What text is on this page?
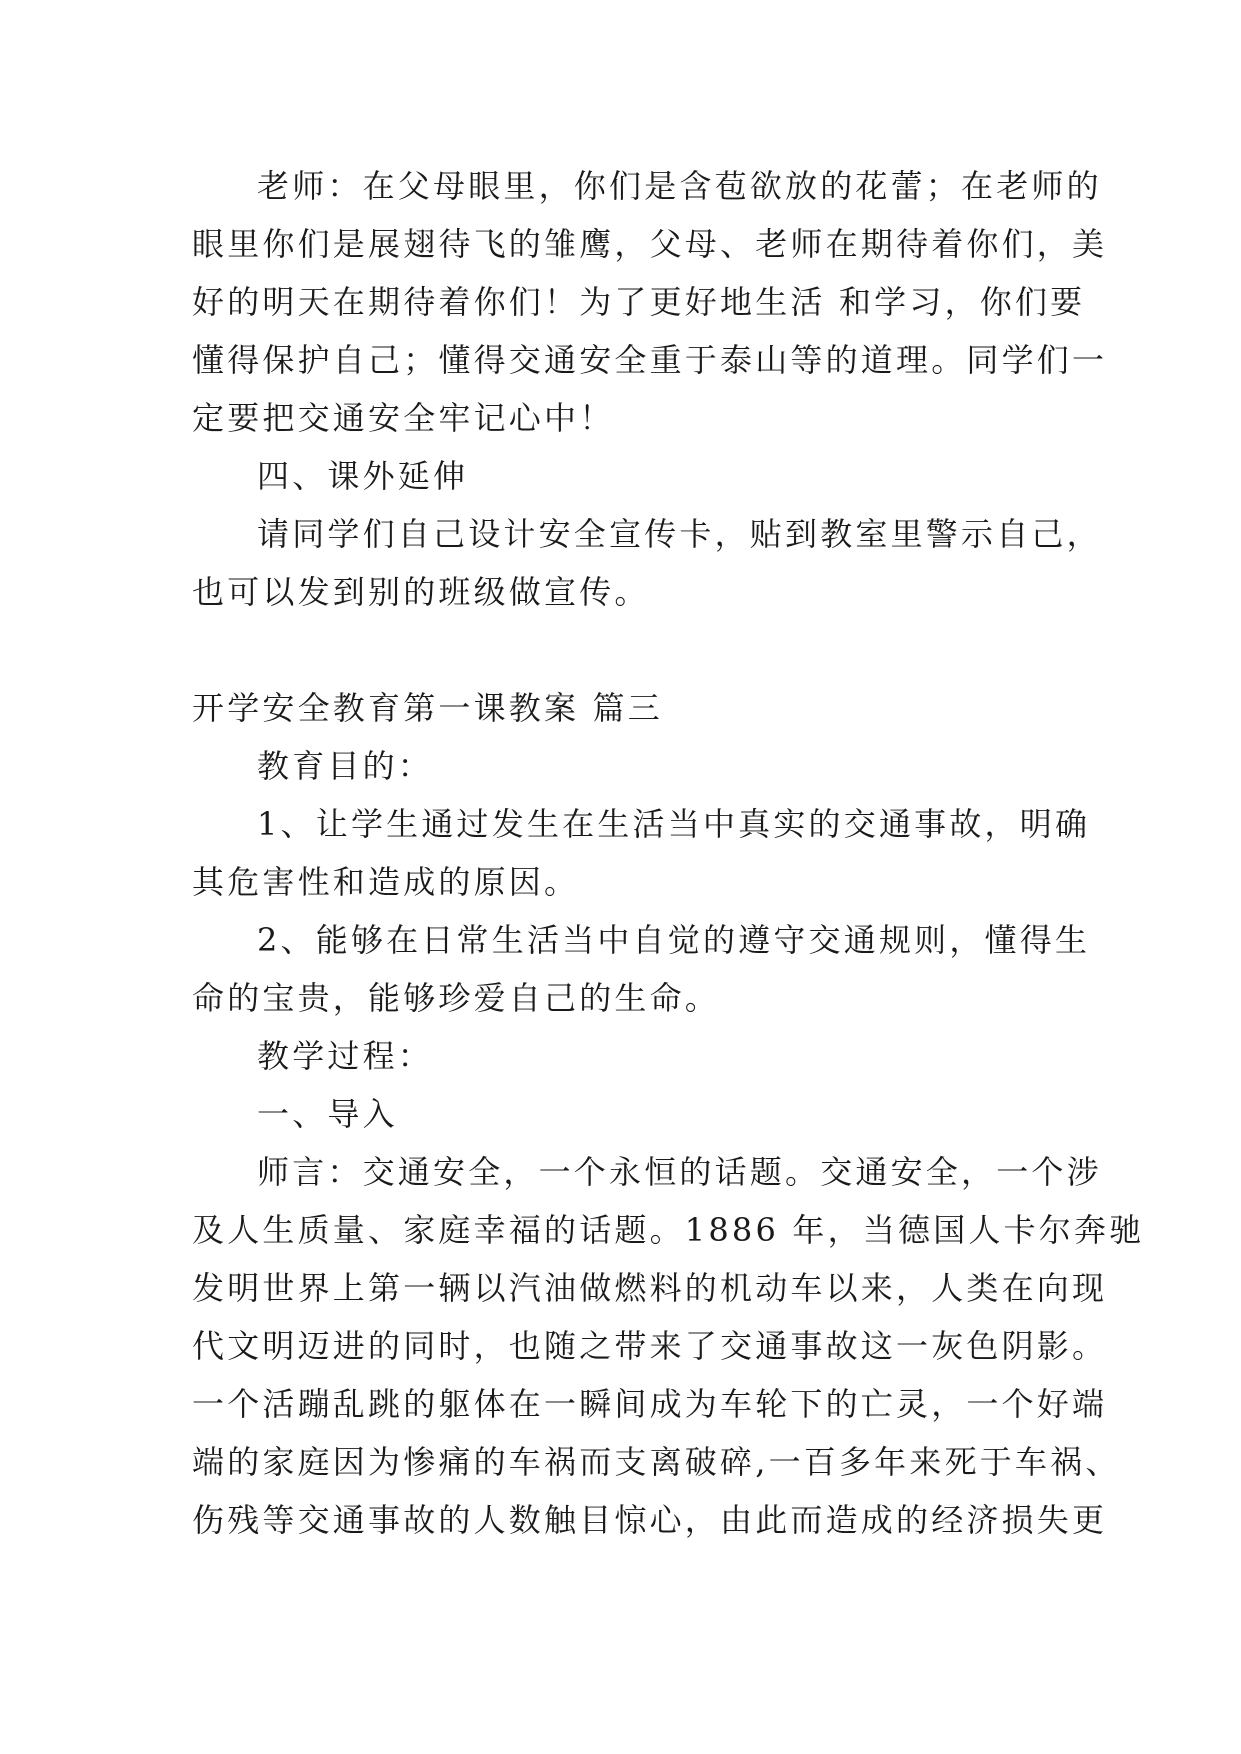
老师：在父母眼里，你们是含苞欲放的花蕾；在老师的
眼里你们是展翅待飞的雏鹰，父母、老师在期待着你们，美
好的明天在期待着你们！为了更好地生活 和学习，你们要
懂得保护自己；懂得交通安全重于泰山等的道理。同学们一
定要把交通安全牢记心中！
四、课外延伸
请同学们自己设计安全宣传卡，贴到教室里警示自己，
也可以发到别的班级做宣传。
开学安全教育第一课教案 篇三
教育目的：
1、让学生通过发生在生活当中真实的交通事故，明确
其危害性和造成的原因。
2、能够在日常生活当中自觉的遵守交通规则，懂得生
命的宝贵，能够珍爱自己的生命。
教学过程：
一、导入
师言：交通安全，一个永恒的话题。交通安全，一个涉
及人生质量、家庭幸福的话题。1886 年，当德国人卡尔奔驰
发明世界上第一辆以汽油做燃料的机动车以来，人类在向现
代文明迈进的同时，也随之带来了交通事故这一灰色阴影。
一个活蹦乱跳的躯体在一瞬间成为车轮下的亡灵，一个好端
端的家庭因为惨痛的车祸而支离破碎,一百多年来死于车祸、
伤残等交通事故的人数触目惊心，由此而造成的经济损失更
